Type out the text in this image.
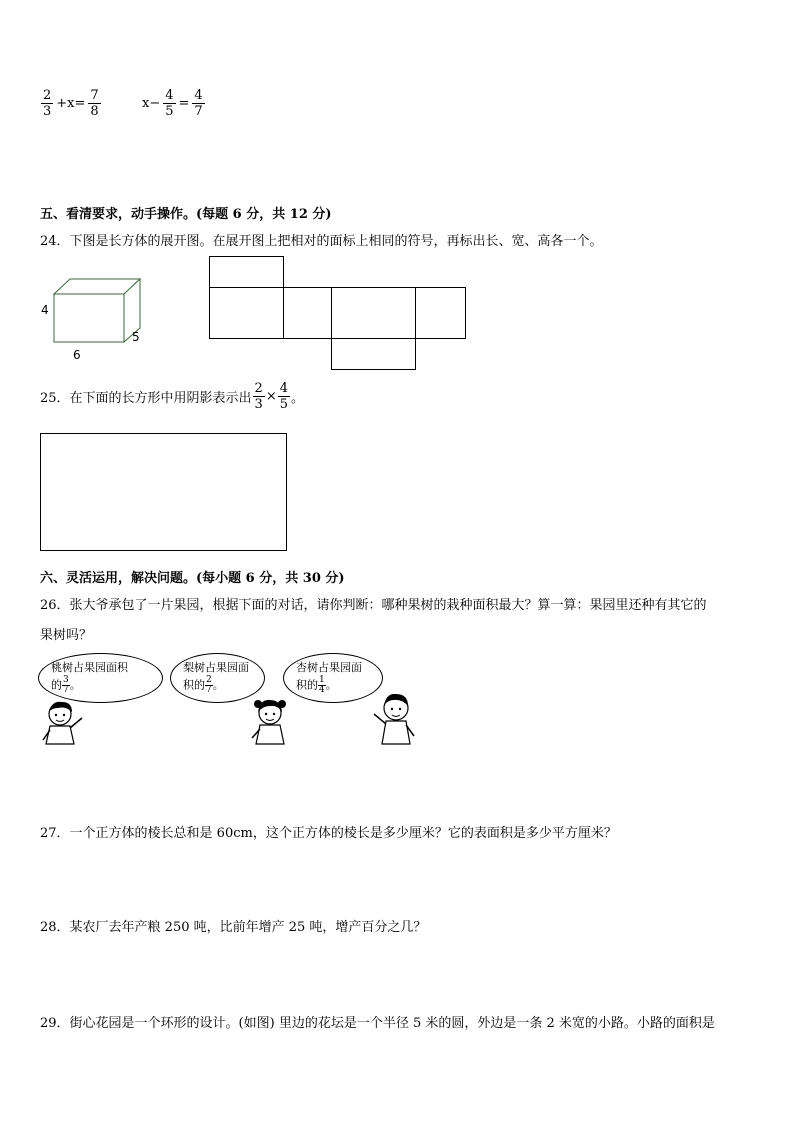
$\frac{2}{3} +x= \frac{7}{8}$	$x- \frac{4}{5} = \frac{4}{7}$
五、看清要求，动手操作。(每题 6 分，共 12 分)
24．下图是长方体的展开图。在展开图上把相对的面标上相同的符号，再标出长、宽、高各一个。
4
6
5
25．在下面的长方形中用阴影表示出 $\frac{2}{3} \times \frac{4}{5}$ 。
六、灵活运用，解决问题。(每小题 6 分，共 30 分)
26．张大爷承包了一片果园，根据下面的对话，请你判断：哪种果树的栽种面积最大？算一算：果园里还种有其它的
果树吗？
桃树占果园面积
的 $\frac{3}{7}$ 。
梨树占果园面
积的 $\frac{2}{7}$ 。
杏树占果园面
积的 $\frac{1}{4}$ 。
27．一个正方体的棱长总和是 60cm，这个正方体的棱长是多少厘米？它的表面积是多少平方厘米？
28．某农厂去年产粮 250 吨，比前年增产 25 吨，增产百分之几？
29．街心花园是一个环形的设计。(如图) 里边的花坛是一个半径 5 米的圆，外边是一条 2 米宽的小路。小路的面积是
